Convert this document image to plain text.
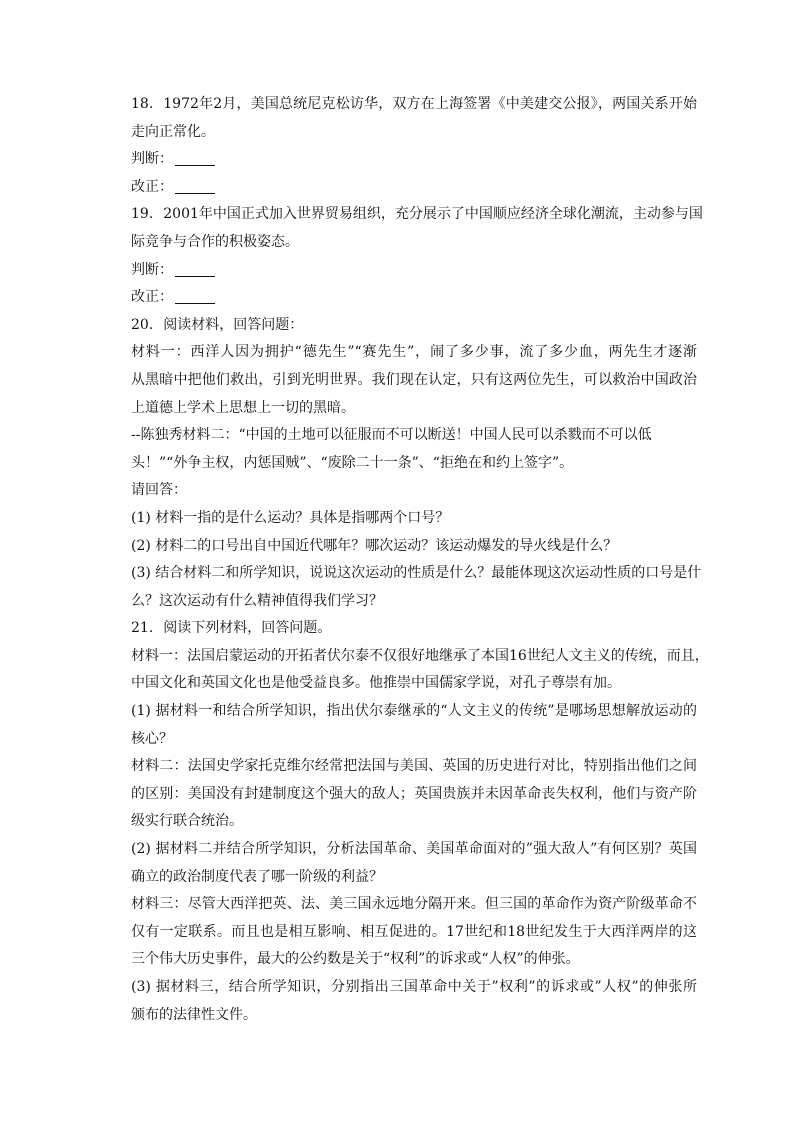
18. 1972年2月，美国总统尼克松访华，双方在上海签署《中美建交公报》，两国关系开始
走向正常化。
判断：
改正：
19. 2001年中国正式加入世界贸易组织，充分展示了中国顺应经济全球化潮流，主动参与国
际竞争与合作的积极姿态。
判断：
改正：
20. 阅读材料，回答问题：
材料一：西洋人因为拥护“德先生”“赛先生”，闹了多少事，流了多少血，两先生才逐渐
从黑暗中把他们救出，引到光明世界。我们现在认定，只有这两位先生，可以救治中国政治
上道德上学术上思想上一切的黑暗。
--陈独秀材料二：“中国的土地可以征服而不可以断送！中国人民可以杀戮而不可以低
头！”“外争主权，内惩国贼”、“废除二十一条”、“拒绝在和约上签字”。
请回答：
(1) 材料一指的是什么运动？具体是指哪两个口号？
(2) 材料二的口号出自中国近代哪年？哪次运动？该运动爆发的导火线是什么？
(3) 结合材料二和所学知识，说说这次运动的性质是什么？最能体现这次运动性质的口号是什
么？这次运动有什么精神值得我们学习？
21. 阅读下列材料，回答问题。
材料一：法国启蒙运动的开拓者伏尔泰不仅很好地继承了本国16世纪人文主义的传统，而且，
中国文化和英国文化也是他受益良多。他推崇中国儒家学说，对孔子尊崇有加。
(1) 据材料一和结合所学知识，指出伏尔泰继承的“人文主义的传统”是哪场思想解放运动的
核心？
材料二：法国史学家托克维尔经常把法国与美国、英国的历史进行对比，特别指出他们之间
的区别：美国没有封建制度这个强大的敌人；英国贵族并未因革命丧失权利，他们与资产阶
级实行联合统治。
(2) 据材料二并结合所学知识，分析法国革命、美国革命面对的”强大敌人”有何区别？英国
确立的政治制度代表了哪一阶级的利益？
材料三：尽管大西洋把英、法、美三国永远地分隔开来。但三国的革命作为资产阶级革命不
仅有一定联系。而且也是相互影响、相互促进的。17世纪和18世纪发生于大西洋两岸的这
三个伟大历史事件，最大的公约数是关于“权利”的诉求或“人权”的伸张。
(3) 据材料三，结合所学知识，分别指出三国革命中关于”权利”的诉求或”人权”的伸张所
颁布的法律性文件。
